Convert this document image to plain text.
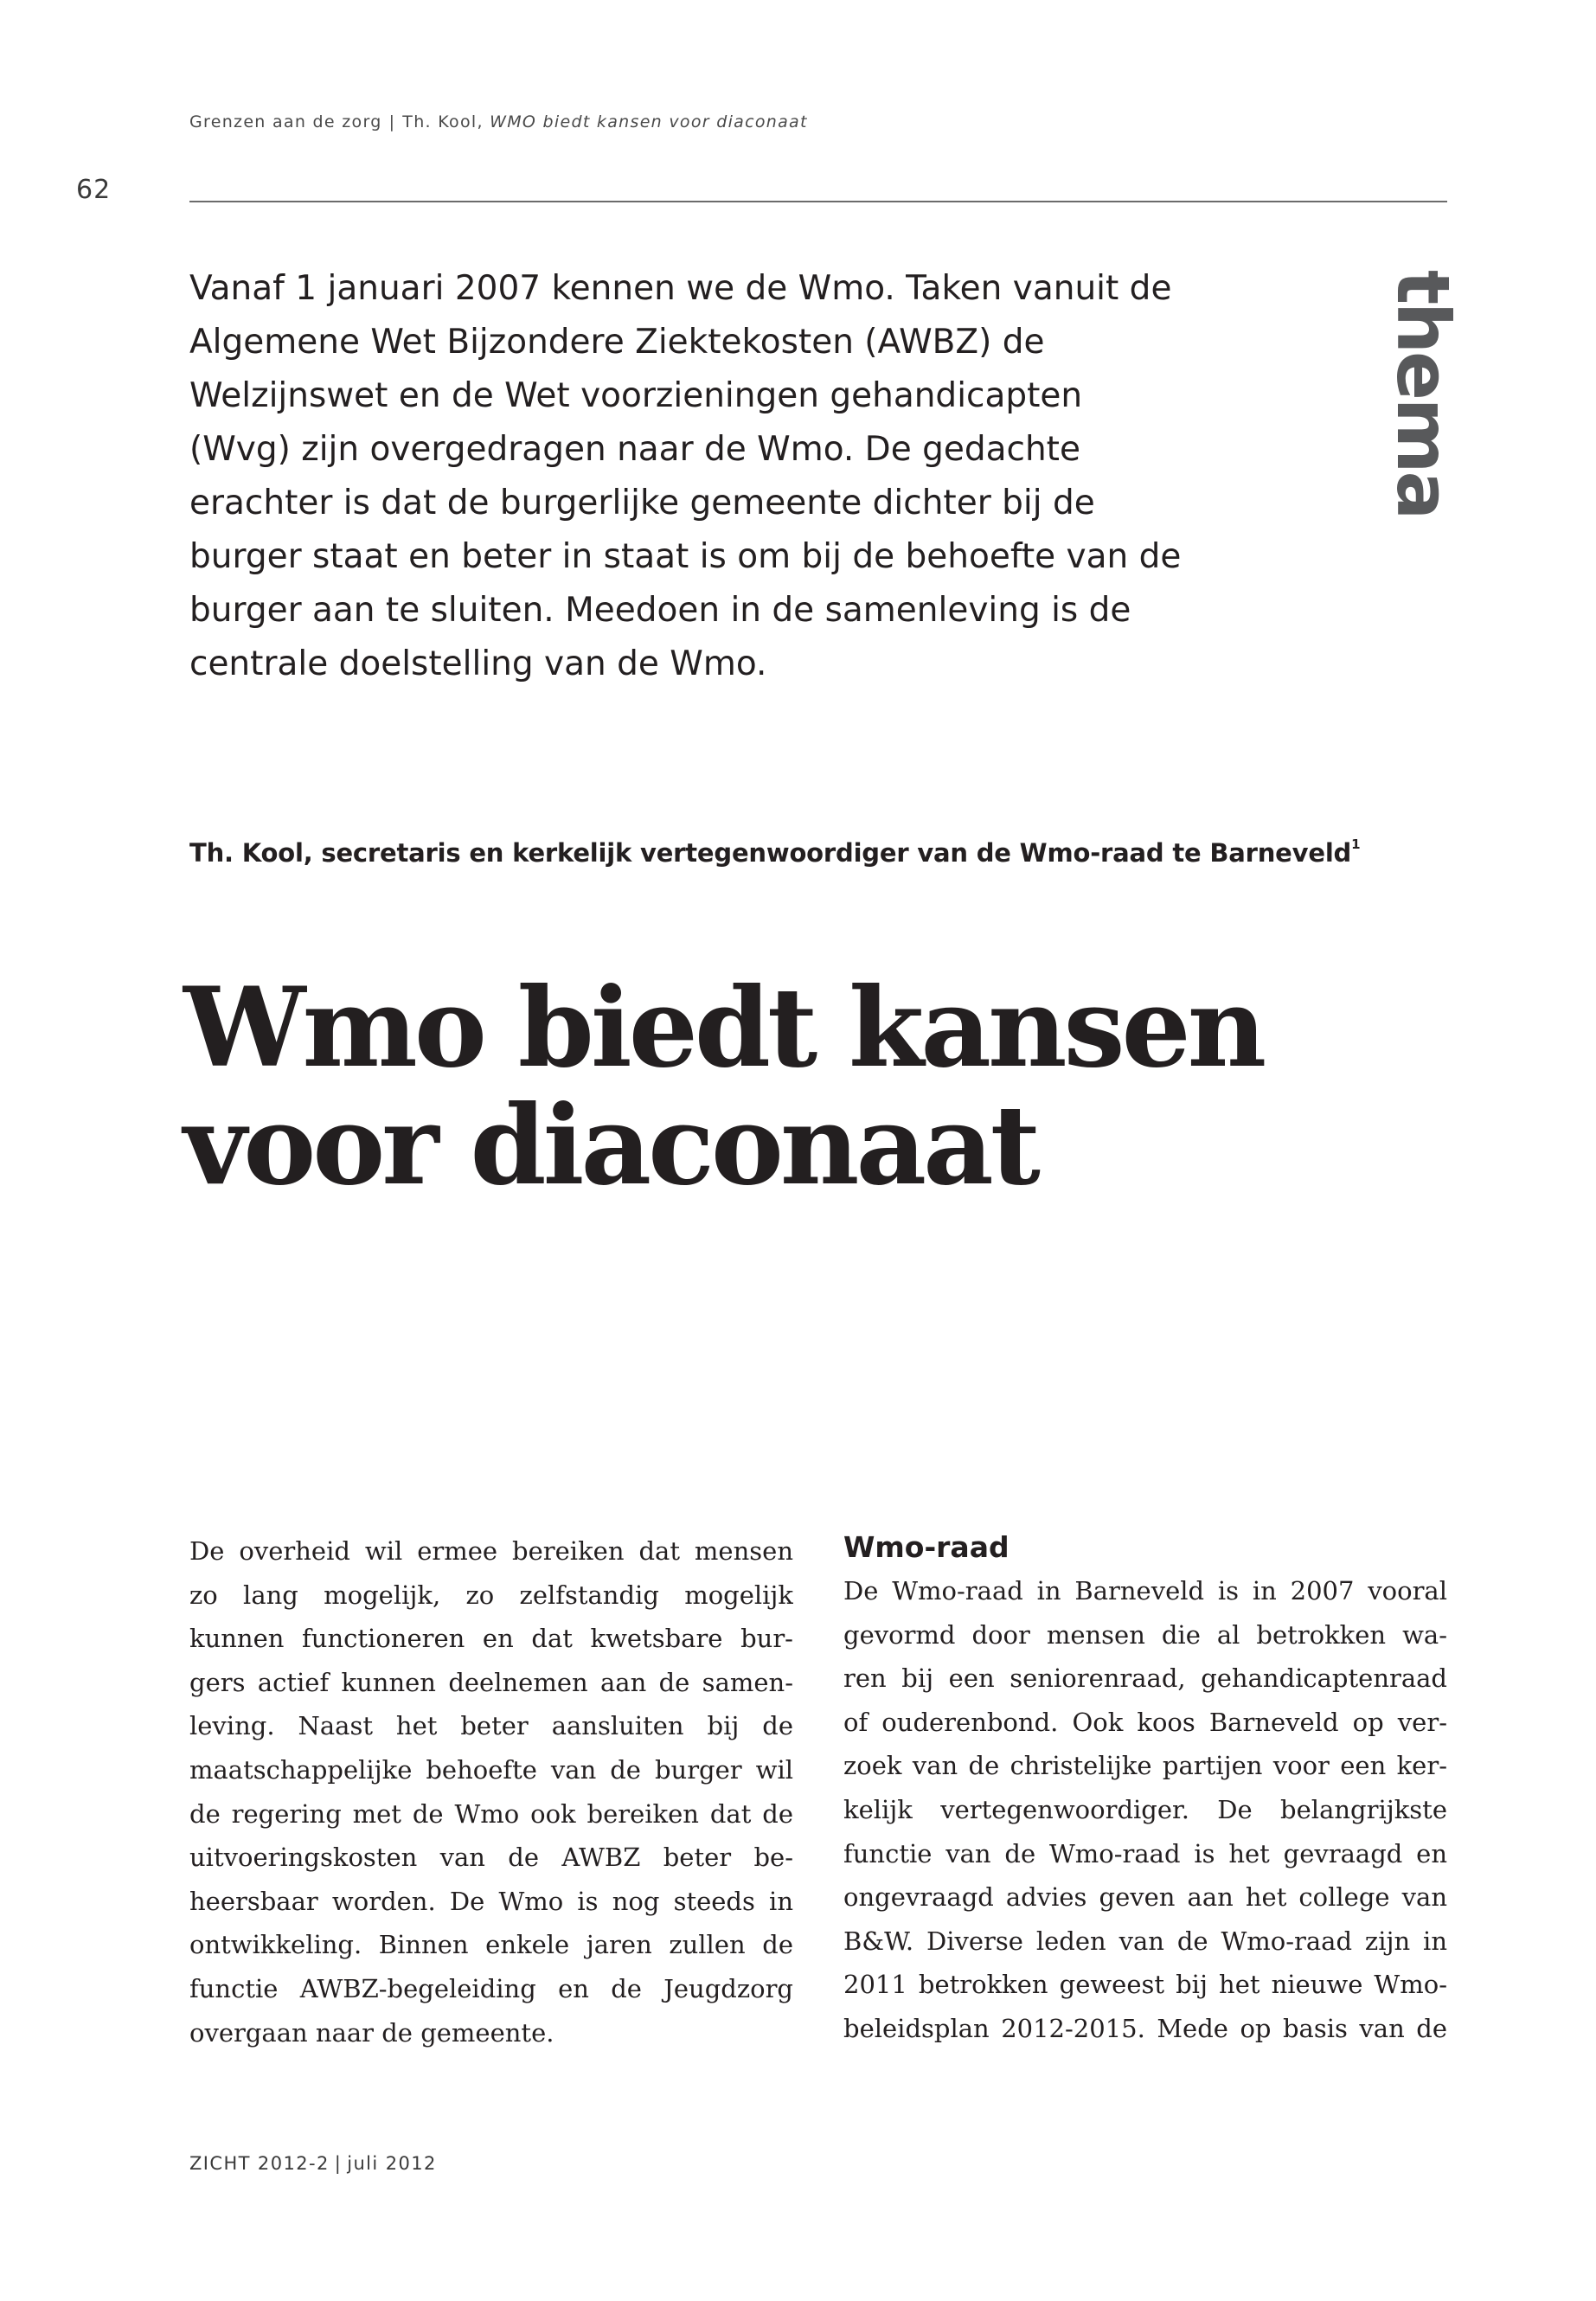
Grenzen aan de zorg | Th. Kool, WMO biedt kansen voor diaconaat
62

Vanaf 1 januari 2007 kennen we de Wmo. Taken vanuit de
Algemene Wet Bijzondere Ziektekosten (AWBZ) de
Welzijnswet en de Wet voorzieningen gehandicapten
(Wvg) zijn overgedragen naar de Wmo. De gedachte
erachter is dat de burgerlijke gemeente dichter bij de
burger staat en beter in staat is om bij de behoefte van de
burger aan te sluiten. Meedoen in de samenleving is de
centrale doelstelling van de Wmo.

thema
Th. Kool, secretaris en kerkelijk vertegenwoordiger van de Wmo-raad te Barneveld$^1$
Wmo biedt kansen
voor diaconaat
De overheid wil ermee bereiken dat mensen
zo lang mogelijk, zo zelfstandig mogelijk
kunnen functioneren en dat kwetsbare bur-
gers actief kunnen deelnemen aan de samen-
leving. Naast het beter aansluiten bij de
maatschappelijke behoefte van de burger wil
de regering met de Wmo ook bereiken dat de
uitvoeringskosten van de AWBZ beter be-
heersbaar worden. De Wmo is nog steeds in
ontwikkeling. Binnen enkele jaren zullen de
functie AWBZ-begeleiding en de Jeugdzorg
overgaan naar de gemeente.
Wmo-raad
De Wmo-raad in Barneveld is in 2007 vooral
gevormd door mensen die al betrokken wa-
ren bij een seniorenraad, gehandicaptenraad
of ouderenbond. Ook koos Barneveld op ver-
zoek van de christelijke partijen voor een ker-
kelijk vertegenwoordiger. De belangrijkste
functie van de Wmo-raad is het gevraagd en
ongevraagd advies geven aan het college van
B&W. Diverse leden van de Wmo-raad zijn in
2011 betrokken geweest bij het nieuwe Wmo-
beleidsplan 2012-2015. Mede op basis van de
ZICHT 2012-2 | juli 2012
